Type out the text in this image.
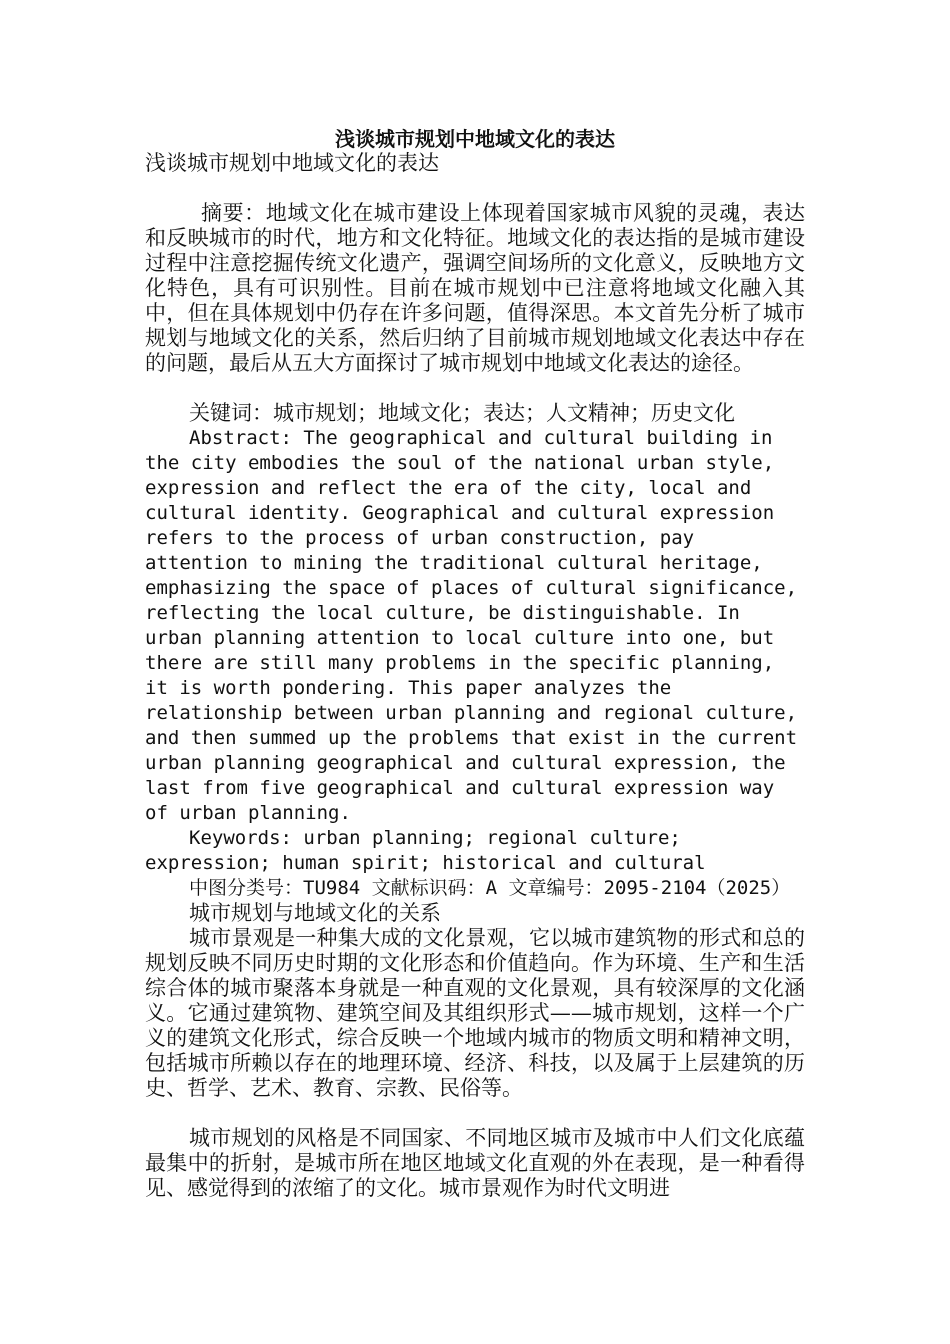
浅谈城市规划中地域文化的表达

浅谈城市规划中地域文化的表达

摘要：地域文化在城市建设上体现着国家城市风貌的灵魂，表达和反映城市的时代，地方和文化特征。地域文化的表达指的是城市建设过程中注意挖掘传统文化遗产，强调空间场所的文化意义，反映地方文化特色，具有可识别性。目前在城市规划中已注意将地域文化融入其中，但在具体规划中仍存在许多问题，值得深思。本文首先分析了城市规划与地域文化的关系，然后归纳了目前城市规划地域文化表达中存在的问题，最后从五大方面探讨了城市规划中地域文化表达的途径。

关键词：城市规划；地域文化；表达；人文精神；历史文化

Abstract: The geographical and cultural building in the city embodies the soul of the national urban style, expression and reflect the era of the city, local and cultural identity. Geographical and cultural expression refers to the process of urban construction, pay attention to mining the traditional cultural heritage, emphasizing the space of places of cultural significance, reflecting the local culture, be distinguishable. In urban planning attention to local culture into one, but there are still many problems in the specific planning, it is worth pondering. This paper analyzes the relationship between urban planning and regional culture, and then summed up the problems that exist in the current urban planning geographical and cultural expression, the last from five geographical and cultural expression way of urban planning.

Keywords: urban planning; regional culture; expression; human spirit; historical and cultural

中图分类号：TU984 文献标识码：A 文章编号：2095-2104（2025）

城市规划与地域文化的关系

城市景观是一种集大成的文化景观，它以城市建筑物的形式和总的规划反映不同历史时期的文化形态和价值趋向。作为环境、生产和生活综合体的城市聚落本身就是一种直观的文化景观，具有较深厚的文化涵义。它通过建筑物、建筑空间及其组织形式——城市规划，这样一个广义的建筑文化形式，综合反映一个地域内城市的物质文明和精神文明，包括城市所赖以存在的地理环境、经济、科技，以及属于上层建筑的历史、哲学、艺术、教育、宗教、民俗等。

城市规划的风格是不同国家、不同地区城市及城市中人们文化底蕴最集中的折射，是城市所在地区地域文化直观的外在表现，是一种看得见、感觉得到的浓缩了的文化。城市景观作为时代文明进
